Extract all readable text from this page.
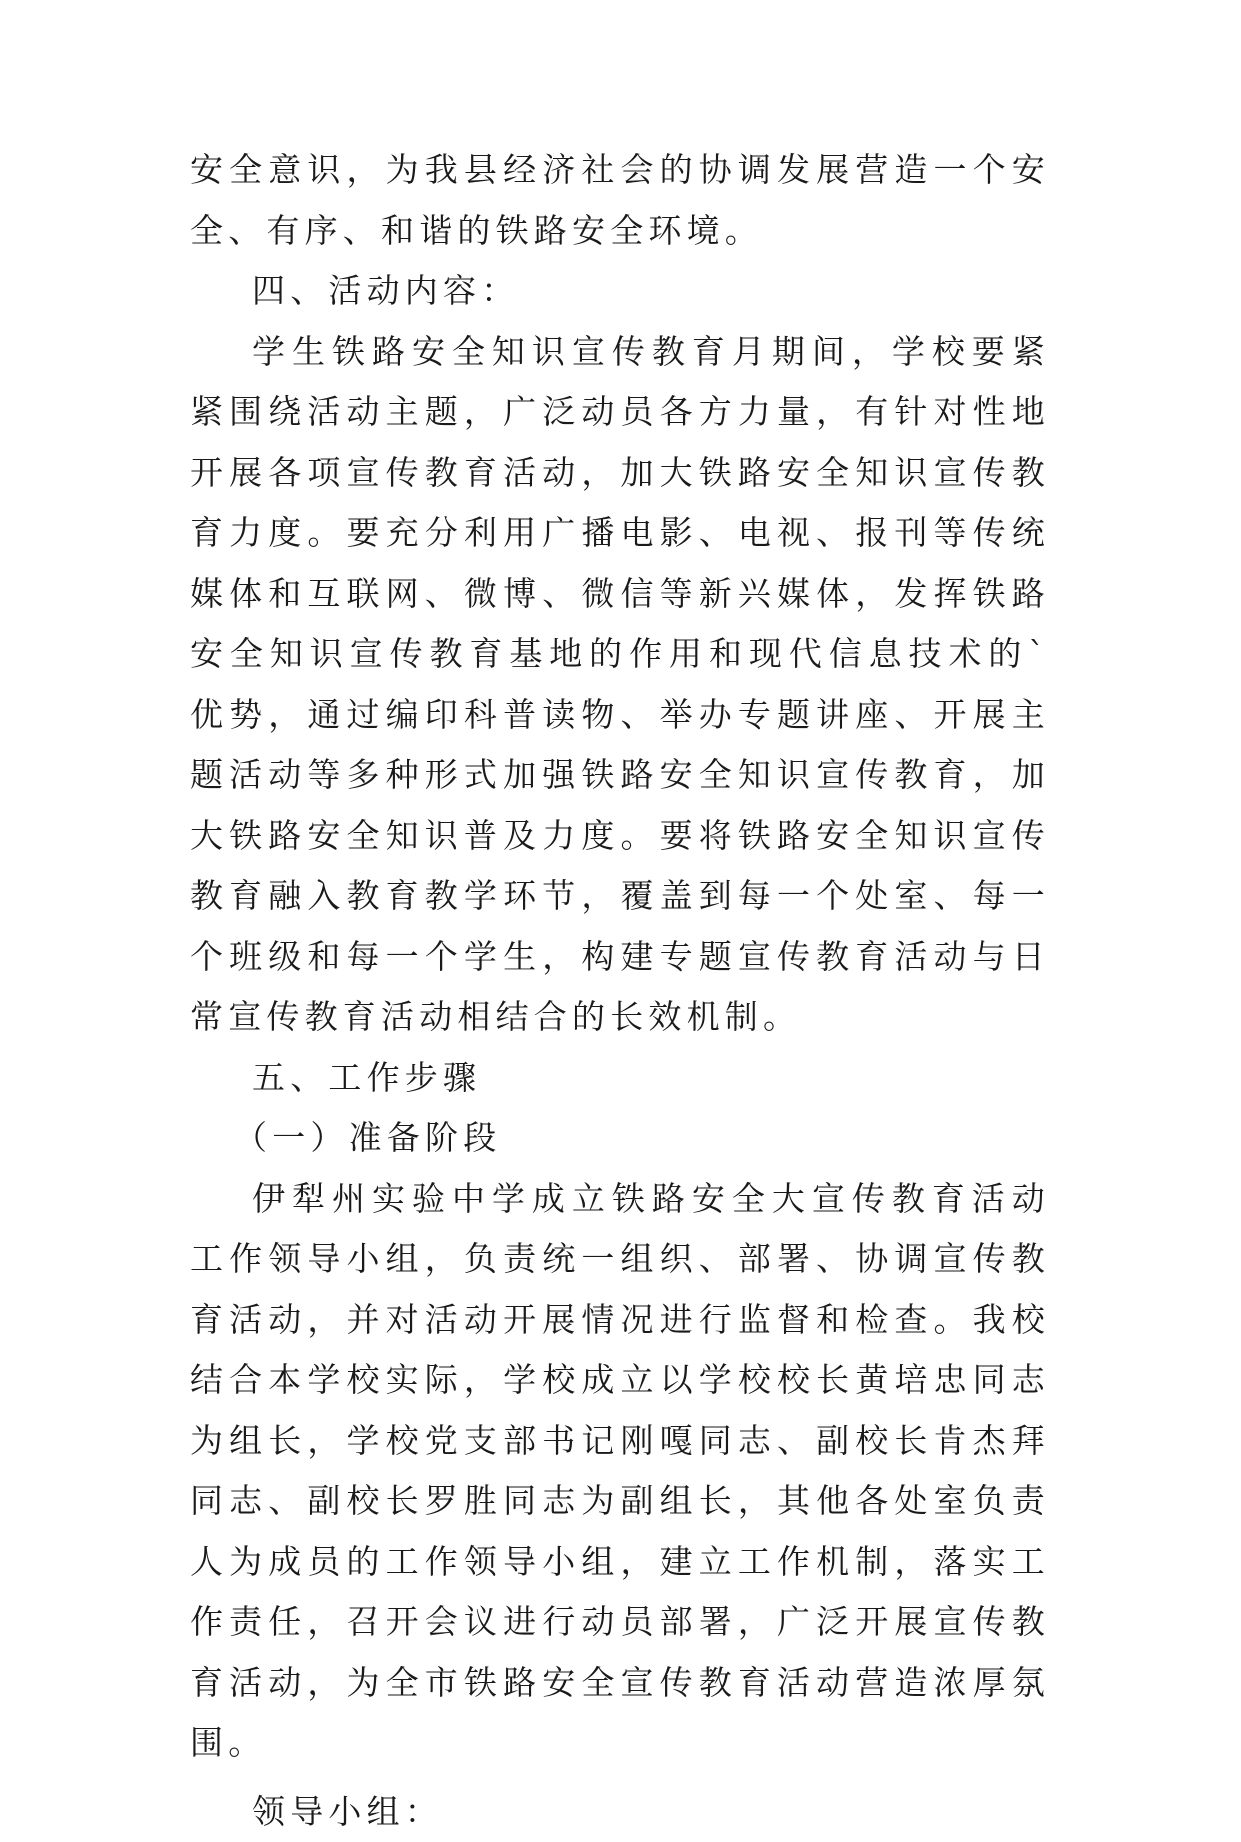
安全意识，为我县经济社会的协调发展营造一个安全、有序、和谐的铁路安全环境。

四、活动内容：

学生铁路安全知识宣传教育月期间，学校要紧紧围绕活动主题，广泛动员各方力量，有针对性地开展各项宣传教育活动，加大铁路安全知识宣传教育力度。要充分利用广播电影、电视、报刊等传统媒体和互联网、微博、微信等新兴媒体，发挥铁路安全知识宣传教育基地的作用和现代信息技术的`优势，通过编印科普读物、举办专题讲座、开展主题活动等多种形式加强铁路安全知识宣传教育，加大铁路安全知识普及力度。要将铁路安全知识宣传教育融入教育教学环节，覆盖到每一个处室、每一个班级和每一个学生，构建专题宣传教育活动与日常宣传教育活动相结合的长效机制。

五、工作步骤

（一）准备阶段

伊犁州实验中学成立铁路安全大宣传教育活动工作领导小组，负责统一组织、部署、协调宣传教育活动，并对活动开展情况进行监督和检查。我校结合本学校实际，学校成立以学校校长黄培忠同志为组长，学校党支部书记刚嘎同志、副校长肯杰拜同志、副校长罗胜同志为副组长，其他各处室负责人为成员的工作领导小组，建立工作机制，落实工作责任，召开会议进行动员部署，广泛开展宣传教育活动，为全市铁路安全宣传教育活动营造浓厚氛围。

领导小组：
